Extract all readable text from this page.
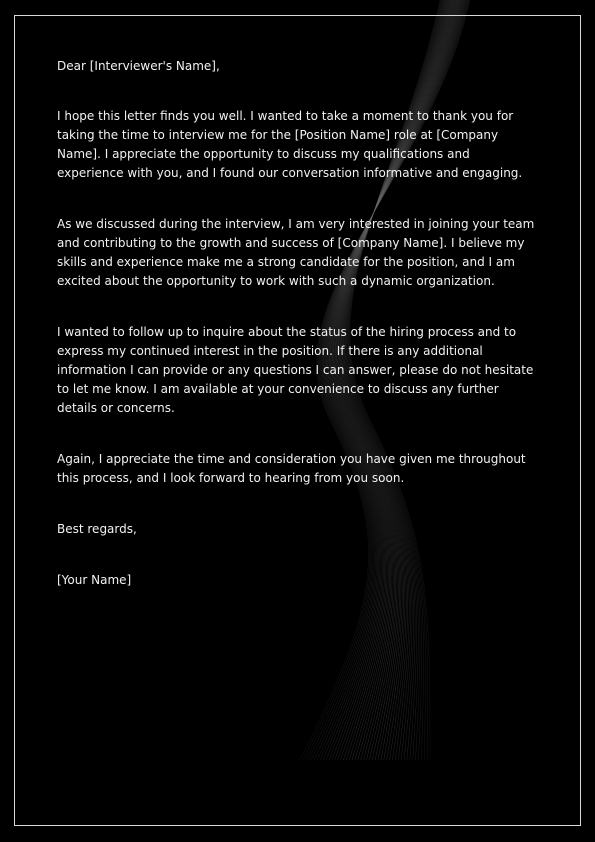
Dear [Interviewer's Name],

I hope this letter finds you well. I wanted to take a moment to thank you for taking the time to interview me for the [Position Name] role at [Company Name]. I appreciate the opportunity to discuss my qualifications and experience with you, and I found our conversation informative and engaging.

As we discussed during the interview, I am very interested in joining your team and contributing to the growth and success of [Company Name]. I believe my skills and experience make me a strong candidate for the position, and I am excited about the opportunity to work with such a dynamic organization.

I wanted to follow up to inquire about the status of the hiring process and to express my continued interest in the position. If there is any additional information I can provide or any questions I can answer, please do not hesitate to let me know. I am available at your convenience to discuss any further details or concerns.

Again, I appreciate the time and consideration you have given me throughout this process, and I look forward to hearing from you soon.

Best regards,

[Your Name]
